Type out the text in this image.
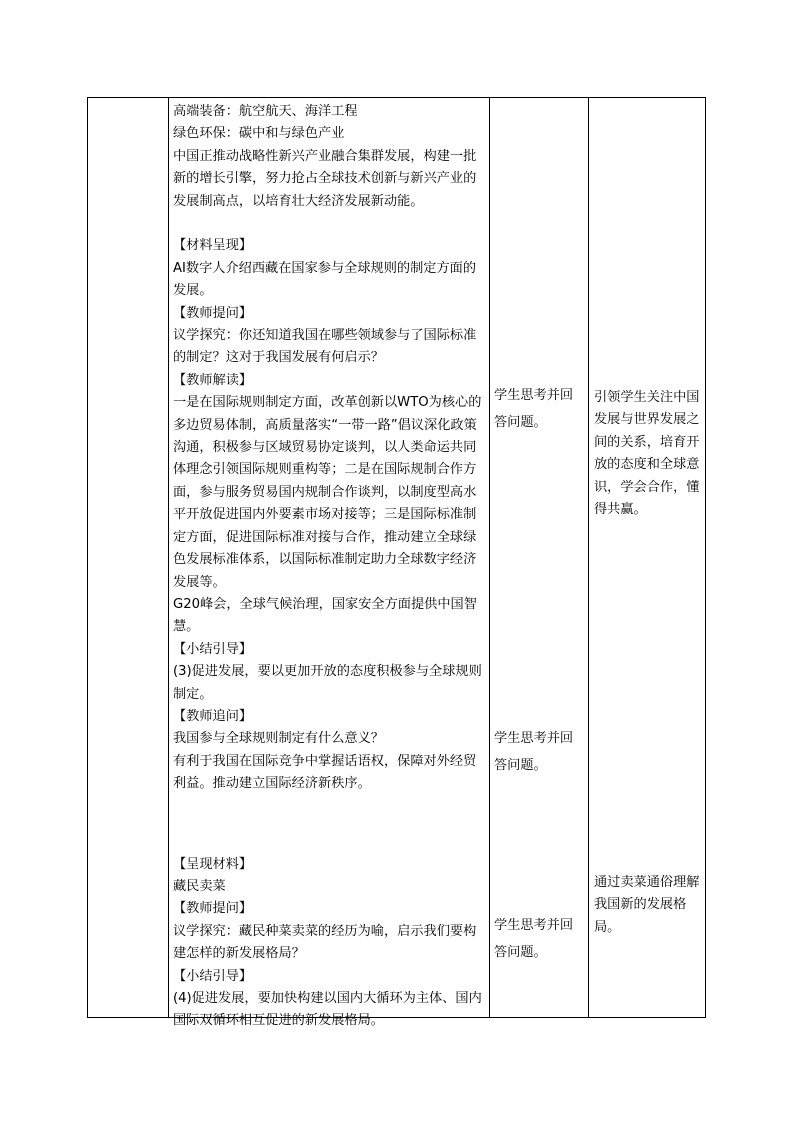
高端装备：航空航天、海洋工程

绿色环保：碳中和与绿色产业

中国正推动战略性新兴产业融合集群发展，构建一批新的增长引擎，努力抢占全球技术创新与新兴产业的发展制高点，以培育壮大经济发展新动能。

【材料呈现】

AI数字人介绍西藏在国家参与全球规则的制定方面的发展。

【教师提问】

议学探究：你还知道我国在哪些领域参与了国际标准的制定？这对于我国发展有何启示？

【教师解读】

一是在国际规则制定方面，改革创新以WTO为核心的多边贸易体制，高质量落实“一带一路”倡议深化政策沟通，积极参与区域贸易协定谈判，以人类命运共同体理念引领国际规则重构等；二是在国际规制合作方面，参与服务贸易国内规制合作谈判，以制度型高水平开放促进国内外要素市场对接等；三是国际标准制定方面，促进国际标准对接与合作，推动建立全球绿色发展标准体系，以国际标准制定助力全球数字经济发展等。

G20峰会，全球气候治理，国家安全方面提供中国智慧。

【小结引导】

(3)促进发展，要以更加开放的态度积极参与全球规则制定。

【教师追问】

我国参与全球规则制定有什么意义？

有利于我国在国际竞争中掌握话语权，保障对外经贸利益。推动建立国际经济新秩序。

【呈现材料】

藏民卖菜

【教师提问】

议学探究：藏民种菜卖菜的经历为喻，启示我们要构建怎样的新发展格局？

【小结引导】

(4)促进发展，要加快构建以国内大循环为主体、国内国际双循环相互促进的新发展格局。

学生思考并回答问题。

学生思考并回答问题。

学生思考并回答问题。

引领学生关注中国发展与世界发展之间的关系，培育开放的态度和全球意识，学会合作，懂得共赢。

通过卖菜通俗理解我国新的发展格局。
